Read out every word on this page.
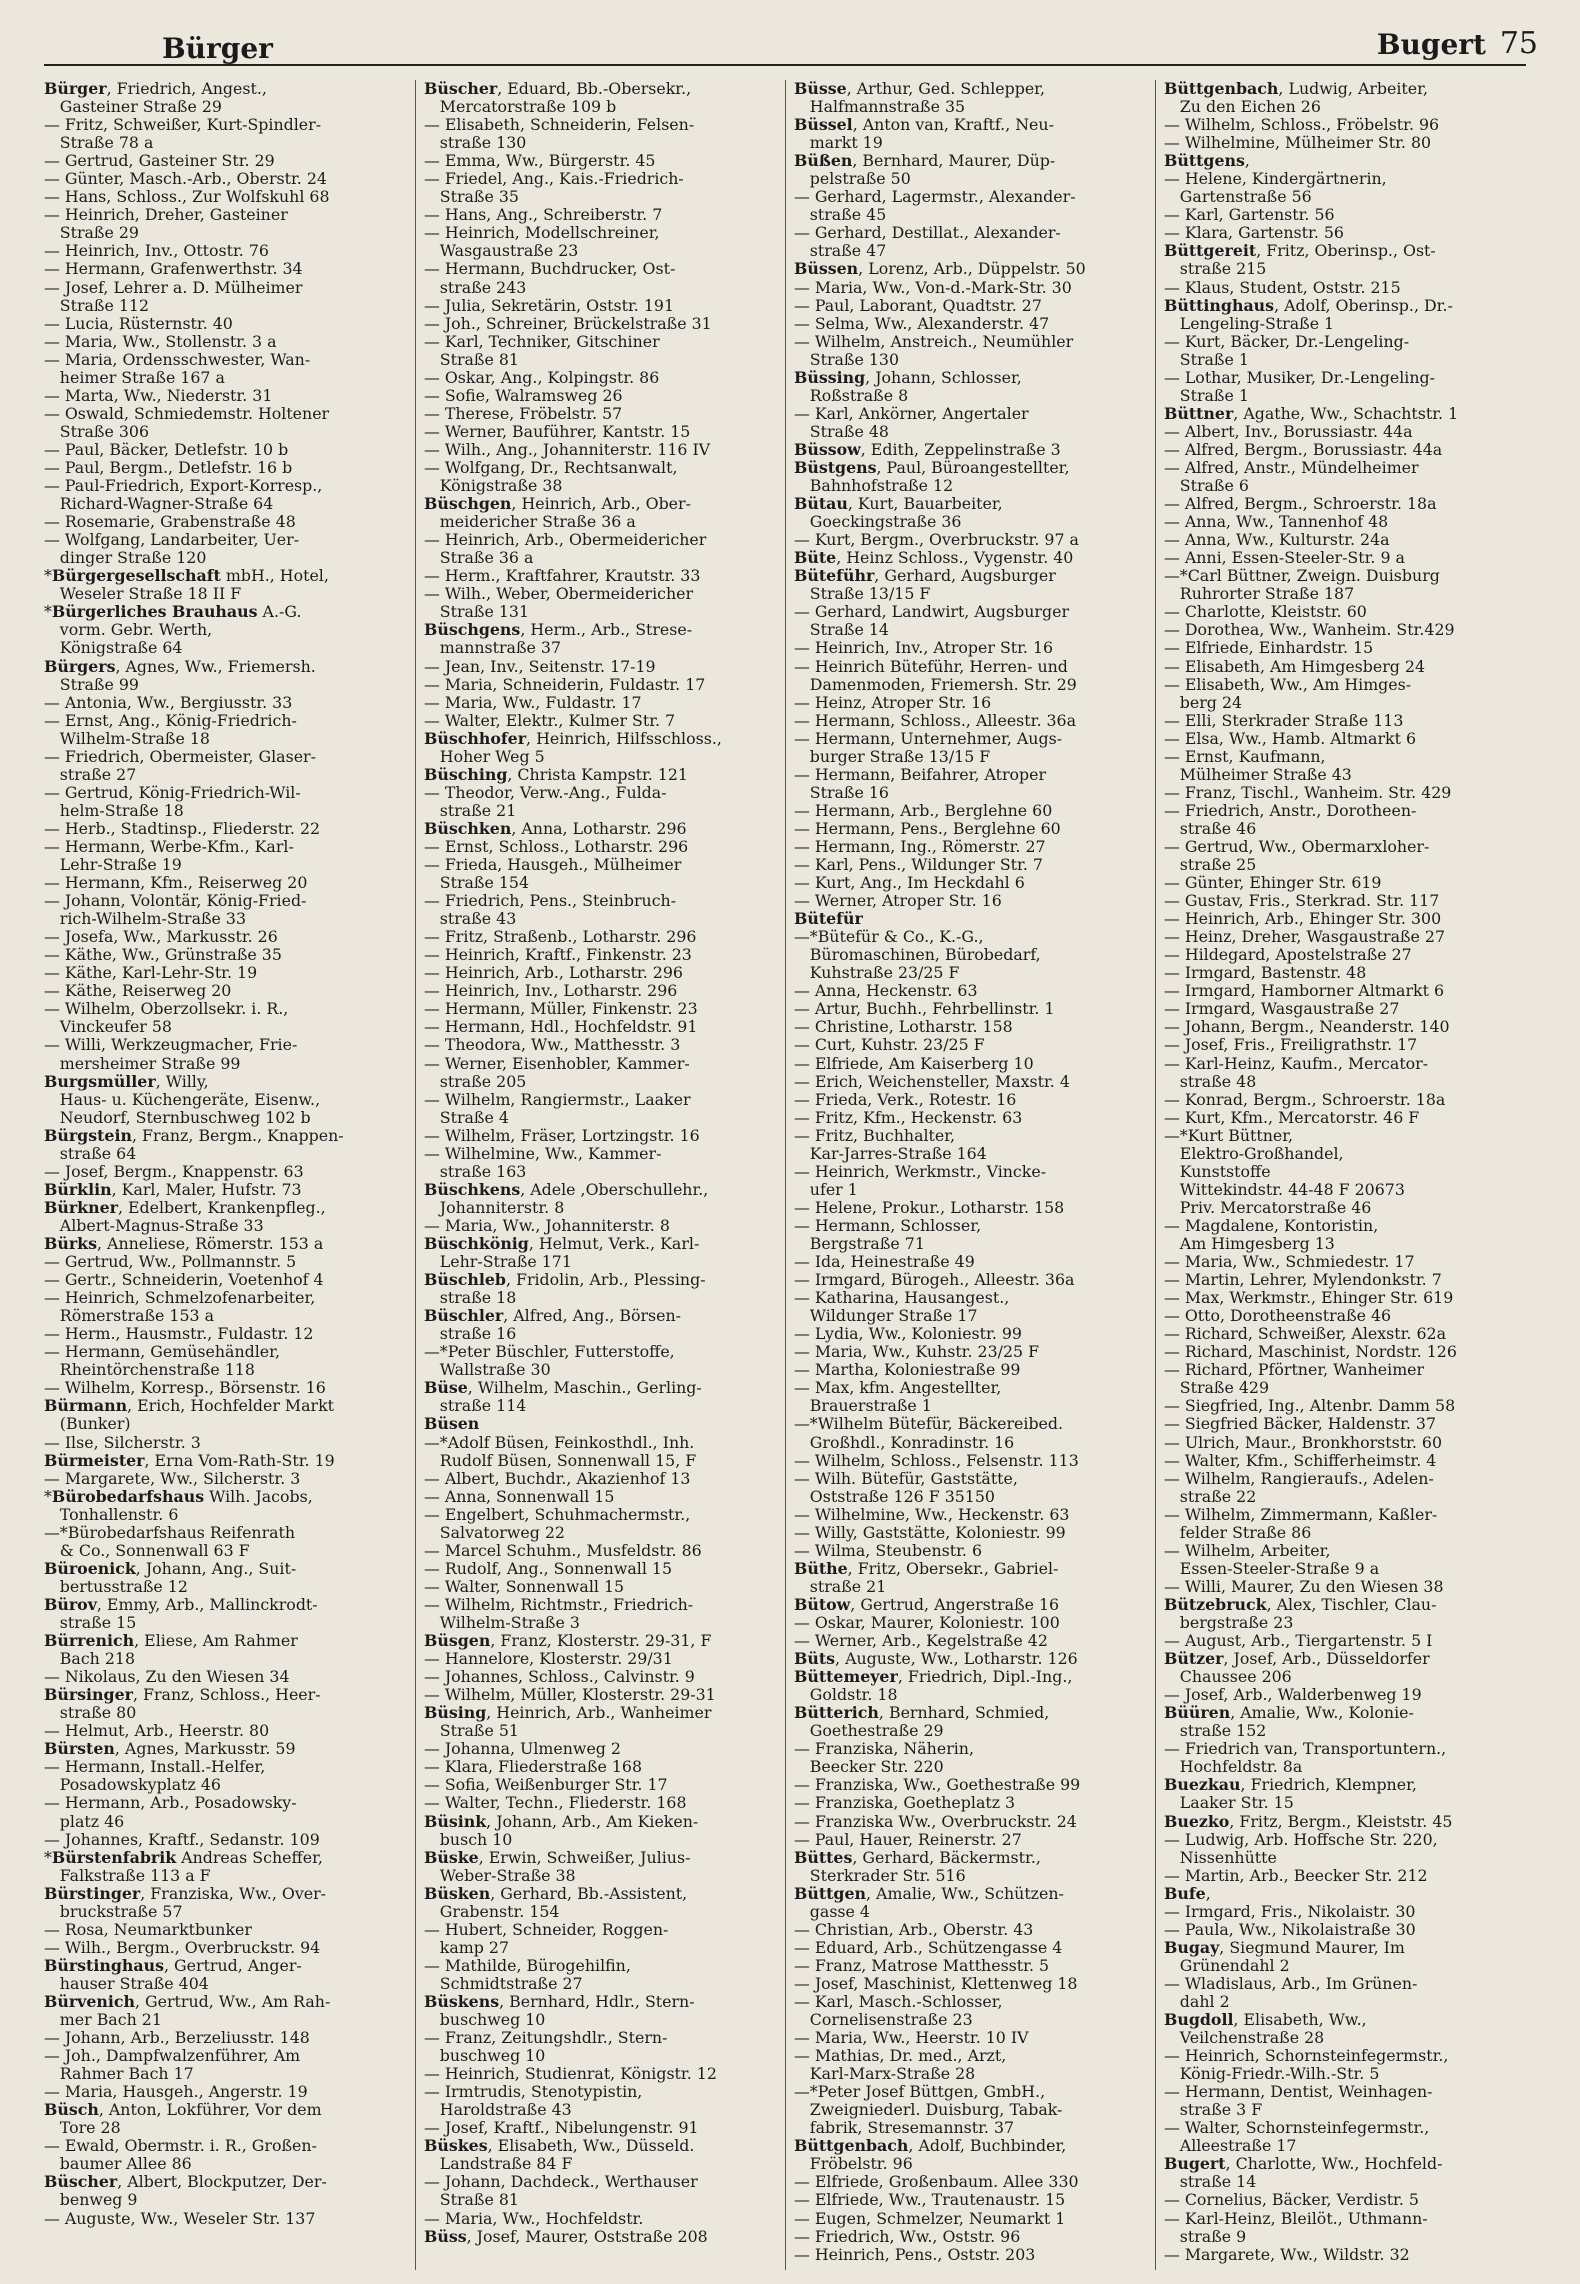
Bürger	Bugert 75
Bürger, Friedrich, Angest.,
 Gasteiner Straße 29
— Fritz, Schweißer, Kurt-Spindler-
 Straße 78 a
— Gertrud, Gasteiner Str. 29
— Günter, Masch.-Arb., Oberstr. 24
— Hans, Schloss., Zur Wolfskuhl 68
— Heinrich, Dreher, Gasteiner
 Straße 29
— Heinrich, Inv., Ottostr. 76
— Hermann, Grafenwerthstr. 34
— Josef, Lehrer a. D. Mülheimer
 Straße 112
— Lucia, Rüsternstr. 40
— Maria, Ww., Stollenstr. 3 a
— Maria, Ordensschwester, Wan-
 heimer Straße 167 a
— Marta, Ww., Niederstr. 31
— Oswald, Schmiedemstr. Holtener
 Straße 306
— Paul, Bäcker, Detlefstr. 10 b
— Paul, Bergm., Detlefstr. 16 b
— Paul-Friedrich, Export-Korresp.,
 Richard-Wagner-Straße 64
— Rosemarie, Grabenstraße 48
— Wolfgang, Landarbeiter, Uer-
 dinger Straße 120
*Bürgergesellschaft mbH., Hotel,
 Weseler Straße 18 II F
*Bürgerliches Brauhaus A.-G.
 vorm. Gebr. Werth,
 Königstraße 64
Bürgers, Agnes, Ww., Friemersh.
 Straße 99
— Antonia, Ww., Bergiusstr. 33
— Ernst, Ang., König-Friedrich-
 Wilhelm-Straße 18
— Friedrich, Obermeister, Glaser-
 straße 27
— Gertrud, König-Friedrich-Wil-
 helm-Straße 18
— Herb., Stadtinsp., Fliederstr. 22
— Hermann, Werbe-Kfm., Karl-
 Lehr-Straße 19
— Hermann, Kfm., Reiserweg 20
— Johann, Volontär, König-Fried-
 rich-Wilhelm-Straße 33
— Josefa, Ww., Markusstr. 26
— Käthe, Ww., Grünstraße 35
— Käthe, Karl-Lehr-Str. 19
— Käthe, Reiserweg 20
— Wilhelm, Oberzollsekr. i. R.,
 Vinckeufer 58
— Willi, Werkzeugmacher, Frie-
 mersheimer Straße 99
Burgsmüller, Willy,
 Haus- u. Küchengeräte, Eisenw.,
 Neudorf, Sternbuschweg 102 b
Bürgstein, Franz, Bergm., Knappen-
 straße 64
— Josef, Bergm., Knappenstr. 63
Bürklin, Karl, Maler, Hufstr. 73
Bürkner, Edelbert, Krankenpfleg.,
 Albert-Magnus-Straße 33
Bürks, Anneliese, Römerstr. 153 a
— Gertrud, Ww., Pollmannstr. 5
— Gertr., Schneiderin, Voetenhof 4
— Heinrich, Schmelzofenarbeiter,
 Römerstraße 153 a
— Herm., Hausmstr., Fuldastr. 12
— Hermann, Gemüsehändler,
 Rheintörchenstraße 118
— Wilhelm, Korresp., Börsenstr. 16
Bürmann, Erich, Hochfelder Markt
 (Bunker)
— Ilse, Silcherstr. 3
Bürmeister, Erna Vom-Rath-Str. 19
— Margarete, Ww., Silcherstr. 3
*Bürobedarfshaus Wilh. Jacobs,
 Tonhallenstr. 6
—*Bürobedarfshaus Reifenrath
 & Co., Sonnenwall 63 F
Büroenick, Johann, Ang., Suit-
 bertusstraße 12
Bürov, Emmy, Arb., Mallinckrodt-
 straße 15
Bürrenich, Eliese, Am Rahmer
 Bach 218
— Nikolaus, Zu den Wiesen 34
Bürsinger, Franz, Schloss., Heer-
 straße 80
— Helmut, Arb., Heerstr. 80
Bürsten, Agnes, Markusstr. 59
— Hermann, Install.-Helfer,
 Posadowskyplatz 46
— Hermann, Arb., Posadowsky-
 platz 46
— Johannes, Kraftf., Sedanstr. 109
*Bürstenfabrik Andreas Scheffer,
 Falkstraße 113 a F
Bürstinger, Franziska, Ww., Over-
 bruckstraße 57
— Rosa, Neumarktbunker
— Wilh., Bergm., Overbruckstr. 94
Bürstinghaus, Gertrud, Anger-
 hauser Straße 404
Bürvenich, Gertrud, Ww., Am Rah-
 mer Bach 21
— Johann, Arb., Berzeliusstr. 148
— Joh., Dampfwalzenführer, Am
 Rahmer Bach 17
— Maria, Hausgeh., Angerstr. 19
Büsch, Anton, Lokführer, Vor dem
 Tore 28
— Ewald, Obermstr. i. R., Großen-
 baumer Allee 86
Büscher, Albert, Blockputzer, Der-
 benweg 9
— Auguste, Ww., Weseler Str. 137
Büscher, Eduard, Bb.-Obersekr.,
 Mercatorstraße 109 b
— Elisabeth, Schneiderin, Felsen-
 straße 130
— Emma, Ww., Bürgerstr. 45
— Friedel, Ang., Kais.-Friedrich-
 Straße 35
— Hans, Ang., Schreiberstr. 7
— Heinrich, Modellschreiner,
 Wasgaustraße 23
— Hermann, Buchdrucker, Ost-
 straße 243
— Julia, Sekretärin, Oststr. 191
— Joh., Schreiner, Brückelstraße 31
— Karl, Techniker, Gitschiner
 Straße 81
— Oskar, Ang., Kolpingstr. 86
— Sofie, Walramsweg 26
— Therese, Fröbelstr. 57
— Werner, Bauführer, Kantstr. 15
— Wilh., Ang., Johanniterstr. 116 IV
— Wolfgang, Dr., Rechtsanwalt,
 Königstraße 38
Büschgen, Heinrich, Arb., Ober-
 meidericher Straße 36 a
— Heinrich, Arb., Obermeidericher
 Straße 36 a
— Herm., Kraftfahrer, Krautstr. 33
— Wilh., Weber, Obermeidericher
 Straße 131
Büschgens, Herm., Arb., Strese-
 mannstraße 37
— Jean, Inv., Seitenstr. 17-19
— Maria, Schneiderin, Fuldastr. 17
— Maria, Ww., Fuldastr. 17
— Walter, Elektr., Kulmer Str. 7
Büschhofer, Heinrich, Hilfsschloss.,
 Hoher Weg 5
Büsching, Christa Kampstr. 121
— Theodor, Verw.-Ang., Fulda-
 straße 21
Büschken, Anna, Lotharstr. 296
— Ernst, Schloss., Lotharstr. 296
— Frieda, Hausgeh., Mülheimer
 Straße 154
— Friedrich, Pens., Steinbruch-
 straße 43
— Fritz, Straßenb., Lotharstr. 296
— Heinrich, Kraftf., Finkenstr. 23
— Heinrich, Arb., Lotharstr. 296
— Heinrich, Inv., Lotharstr. 296
— Hermann, Müller, Finkenstr. 23
— Hermann, Hdl., Hochfeldstr. 91
— Theodora, Ww., Matthesstr. 3
— Werner, Eisenhobler, Kammer-
 straße 205
— Wilhelm, Rangiermstr., Laaker
 Straße 4
— Wilhelm, Fräser, Lortzingstr. 16
— Wilhelmine, Ww., Kammer-
 straße 163
Büschkens, Adele ,Oberschullehr.,
 Johanniterstr. 8
— Maria, Ww., Johanniterstr. 8
Büschkönig, Helmut, Verk., Karl-
 Lehr-Straße 171
Büschleb, Fridolin, Arb., Plessing-
 straße 18
Büschler, Alfred, Ang., Börsen-
 straße 16
—*Peter Büschler, Futterstoffe,
 Wallstraße 30
Büse, Wilhelm, Maschin., Gerling-
 straße 114
Büsen
—*Adolf Büsen, Feinkosthdl., Inh.
 Rudolf Büsen, Sonnenwall 15, F
— Albert, Buchdr., Akazienhof 13
— Anna, Sonnenwall 15
— Engelbert, Schuhmachermstr.,
 Salvatorweg 22
— Marcel Schuhm., Musfeldstr. 86
— Rudolf, Ang., Sonnenwall 15
— Walter, Sonnenwall 15
— Wilhelm, Richtmstr., Friedrich-
 Wilhelm-Straße 3
Büsgen, Franz, Klosterstr. 29-31, F
— Hannelore, Klosterstr. 29/31
— Johannes, Schloss., Calvinstr. 9
— Wilhelm, Müller, Klosterstr. 29-31
Büsing, Heinrich, Arb., Wanheimer
 Straße 51
— Johanna, Ulmenweg 2
— Klara, Fliederstraße 168
— Sofia, Weißenburger Str. 17
— Walter, Techn., Fliederstr. 168
Büsink, Johann, Arb., Am Kieken-
 busch 10
Büske, Erwin, Schweißer, Julius-
 Weber-Straße 38
Büsken, Gerhard, Bb.-Assistent,
 Grabenstr. 154
— Hubert, Schneider, Roggen-
 kamp 27
— Mathilde, Bürogehilfin,
 Schmidtstraße 27
Büskens, Bernhard, Hdlr., Stern-
 buschweg 10
— Franz, Zeitungshdlr., Stern-
 buschweg 10
— Heinrich, Studienrat, Königstr. 12
— Irmtrudis, Stenotypistin,
 Haroldstraße 43
— Josef, Kraftf., Nibelungenstr. 91
Büskes, Elisabeth, Ww., Düsseld.
 Landstraße 84 F
— Johann, Dachdeck., Werthauser
 Straße 81
— Maria, Ww., Hochfeldstr.
Büss, Josef, Maurer, Oststraße 208
Büsse, Arthur, Ged. Schlepper,
 Halfmannstraße 35
Büssel, Anton van, Kraftf., Neu-
 markt 19
Büßen, Bernhard, Maurer, Düp-
 pelstraße 50
— Gerhard, Lagermstr., Alexander-
 straße 45
— Gerhard, Destillat., Alexander-
 straße 47
Büssen, Lorenz, Arb., Düppelstr. 50
— Maria, Ww., Von-d.-Mark-Str. 30
— Paul, Laborant, Quadtstr. 27
— Selma, Ww., Alexanderstr. 47
— Wilhelm, Anstreich., Neumühler
 Straße 130
Büssing, Johann, Schlosser,
 Roßstraße 8
— Karl, Ankörner, Angertaler
 Straße 48
Büssow, Edith, Zeppelinstraße 3
Büstgens, Paul, Büroangestellter,
 Bahnhofstraße 12
Bütau, Kurt, Bauarbeiter,
 Goeckingstraße 36
— Kurt, Bergm., Overbruckstr. 97 a
Büte, Heinz Schloss., Vygenstr. 40
Büteführ, Gerhard, Augsburger
 Straße 13/15 F
— Gerhard, Landwirt, Augsburger
 Straße 14
— Heinrich, Inv., Atroper Str. 16
— Heinrich Büteführ, Herren- und
 Damenmoden, Friemersh. Str. 29
— Heinz, Atroper Str. 16
— Hermann, Schloss., Alleestr. 36a
— Hermann, Unternehmer, Augs-
 burger Straße 13/15 F
— Hermann, Beifahrer, Atroper
 Straße 16
— Hermann, Arb., Berglehne 60
— Hermann, Pens., Berglehne 60
— Hermann, Ing., Römerstr. 27
— Karl, Pens., Wildunger Str. 7
— Kurt, Ang., Im Heckdahl 6
— Werner, Atroper Str. 16
Bütefür
—*Bütefür & Co., K.-G.,
 Büromaschinen, Bürobedarf,
 Kuhstraße 23/25 F
— Anna, Heckenstr. 63
— Artur, Buchh., Fehrbellinstr. 1
— Christine, Lotharstr. 158
— Curt, Kuhstr. 23/25 F
— Elfriede, Am Kaiserberg 10
— Erich, Weichensteller, Maxstr. 4
— Frieda, Verk., Rotestr. 16
— Fritz, Kfm., Heckenstr. 63
— Fritz, Buchhalter,
 Kar-Jarres-Straße 164
— Heinrich, Werkmstr., Vincke-
 ufer 1
— Helene, Prokur., Lotharstr. 158
— Hermann, Schlosser,
 Bergstraße 71
— Ida, Heinestraße 49
— Irmgard, Bürogeh., Alleestr. 36a
— Katharina, Hausangest.,
 Wildunger Straße 17
— Lydia, Ww., Koloniestr. 99
— Maria, Ww., Kuhstr. 23/25 F
— Martha, Koloniestraße 99
— Max, kfm. Angestellter,
 Brauerstraße 1
—*Wilhelm Bütefür, Bäckereibed.
 Großhdl., Konradinstr. 16
— Wilhelm, Schloss., Felsenstr. 113
— Wilh. Bütefür, Gaststätte,
 Oststraße 126 F 35150
— Wilhelmine, Ww., Heckenstr. 63
— Willy, Gaststätte, Koloniestr. 99
— Wilma, Steubenstr. 6
Büthe, Fritz, Obersekr., Gabriel-
 straße 21
Bütow, Gertrud, Angerstraße 16
— Oskar, Maurer, Koloniestr. 100
— Werner, Arb., Kegelstraße 42
Büts, Auguste, Ww., Lotharstr. 126
Büttemeyer, Friedrich, Dipl.-Ing.,
 Goldstr. 18
Bütterich, Bernhard, Schmied,
 Goethestraße 29
— Franziska, Näherin,
 Beecker Str. 220
— Franziska, Ww., Goethestraße 99
— Franziska, Goetheplatz 3
— Franziska Ww., Overbruckstr. 24
— Paul, Hauer, Reinerstr. 27
Büttes, Gerhard, Bäckermstr.,
 Sterkrader Str. 516
Büttgen, Amalie, Ww., Schützen-
 gasse 4
— Christian, Arb., Oberstr. 43
— Eduard, Arb., Schützengasse 4
— Franz, Matrose Matthesstr. 5
— Josef, Maschinist, Klettenweg 18
— Karl, Masch.-Schlosser,
 Cornelisenstraße 23
— Maria, Ww., Heerstr. 10 IV
— Mathias, Dr. med., Arzt,
 Karl-Marx-Straße 28
—*Peter Josef Büttgen, GmbH.,
 Zweigniederl. Duisburg, Tabak-
 fabrik, Stresemannstr. 37
Büttgenbach, Adolf, Buchbinder,
 Fröbelstr. 96
— Elfriede, Großenbaum. Allee 330
— Elfriede, Ww., Trautenaustr. 15
— Eugen, Schmelzer, Neumarkt 1
— Friedrich, Ww., Oststr. 96
— Heinrich, Pens., Oststr. 203
Büttgenbach, Ludwig, Arbeiter,
 Zu den Eichen 26
— Wilhelm, Schloss., Fröbelstr. 96
— Wilhelmine, Mülheimer Str. 80
Büttgens,
— Helene, Kindergärtnerin,
 Gartenstraße 56
— Karl, Gartenstr. 56
— Klara, Gartenstr. 56
Büttgereit, Fritz, Oberinsp., Ost-
 straße 215
— Klaus, Student, Oststr. 215
Büttinghaus, Adolf, Oberinsp., Dr.-
 Lengeling-Straße 1
— Kurt, Bäcker, Dr.-Lengeling-
 Straße 1
— Lothar, Musiker, Dr.-Lengeling-
 Straße 1
Büttner, Agathe, Ww., Schachtstr. 1
— Albert, Inv., Borussiastr. 44a
— Alfred, Bergm., Borussiastr. 44a
— Alfred, Anstr., Mündelheimer
 Straße 6
— Alfred, Bergm., Schroerstr. 18a
— Anna, Ww., Tannenhof 48
— Anna, Ww., Kulturstr. 24a
— Anni, Essen-Steeler-Str. 9 a
—*Carl Büttner, Zweign. Duisburg
 Ruhrorter Straße 187
— Charlotte, Kleiststr. 60
— Dorothea, Ww., Wanheim. Str.429
— Elfriede, Einhardstr. 15
— Elisabeth, Am Himgesberg 24
— Elisabeth, Ww., Am Himges-
 berg 24
— Elli, Sterkrader Straße 113
— Elsa, Ww., Hamb. Altmarkt 6
— Ernst, Kaufmann,
 Mülheimer Straße 43
— Franz, Tischl., Wanheim. Str. 429
— Friedrich, Anstr., Dorotheen-
 straße 46
— Gertrud, Ww., Obermarxloher-
 straße 25
— Günter, Ehinger Str. 619
— Gustav, Fris., Sterkrad. Str. 117
— Heinrich, Arb., Ehinger Str. 300
— Heinz, Dreher, Wasgaustraße 27
— Hildegard, Apostelstraße 27
— Irmgard, Bastenstr. 48
— Irmgard, Hamborner Altmarkt 6
— Irmgard, Wasgaustraße 27
— Johann, Bergm., Neanderstr. 140
— Josef, Fris., Freiligrathstr. 17
— Karl-Heinz, Kaufm., Mercator-
 straße 48
— Konrad, Bergm., Schroerstr. 18a
— Kurt, Kfm., Mercatorstr. 46 F
—*Kurt Büttner,
 Elektro-Großhandel,
 Kunststoffe
 Wittekindstr. 44-48 F 20673
 Priv. Mercatorstraße 46
— Magdalene, Kontoristin,
 Am Himgesberg 13
— Maria, Ww., Schmiedestr. 17
— Martin, Lehrer, Mylendonkstr. 7
— Max, Werkmstr., Ehinger Str. 619
— Otto, Dorotheenstraße 46
— Richard, Schweißer, Alexstr. 62a
— Richard, Maschinist, Nordstr. 126
— Richard, Pförtner, Wanheimer
 Straße 429
— Siegfried, Ing., Altenbr. Damm 58
— Siegfried Bäcker, Haldenstr. 37
— Ulrich, Maur., Bronkhorststr. 60
— Walter, Kfm., Schifferheimstr. 4
— Wilhelm, Rangieraufs., Adelen-
 straße 22
— Wilhelm, Zimmermann, Kaßler-
 felder Straße 86
— Wilhelm, Arbeiter,
 Essen-Steeler-Straße 9 a
— Willi, Maurer, Zu den Wiesen 38
Bützebruck, Alex, Tischler, Clau-
 bergstraße 23
— August, Arb., Tiergartenstr. 5 I
Bützer, Josef, Arb., Düsseldorfer
 Chaussee 206
— Josef, Arb., Walderbenweg 19
Büüren, Amalie, Ww., Kolonie-
 straße 152
— Friedrich van, Transportuntern.,
 Hochfeldstr. 8a
Buezkau, Friedrich, Klempner,
 Laaker Str. 15
Buezko, Fritz, Bergm., Kleiststr. 45
— Ludwig, Arb. Hoffsche Str. 220,
 Nissenhütte
— Martin, Arb., Beecker Str. 212
Bufe,
— Irmgard, Fris., Nikolaistr. 30
— Paula, Ww., Nikolaistraße 30
Bugay, Siegmund Maurer, Im
 Grünendahl 2
— Wladislaus, Arb., Im Grünen-
 dahl 2
Bugdoll, Elisabeth, Ww.,
 Veilchenstraße 28
— Heinrich, Schornsteinfegermstr.,
 König-Friedr.-Wilh.-Str. 5
— Hermann, Dentist, Weinhagen-
 straße 3 F
— Walter, Schornsteinfegermstr.,
 Alleestraße 17
Bugert, Charlotte, Ww., Hochfeld-
 straße 14
— Cornelius, Bäcker, Verdistr. 5
— Karl-Heinz, Bleilöt., Uthmann-
 straße 9
— Margarete, Ww., Wildstr. 32
